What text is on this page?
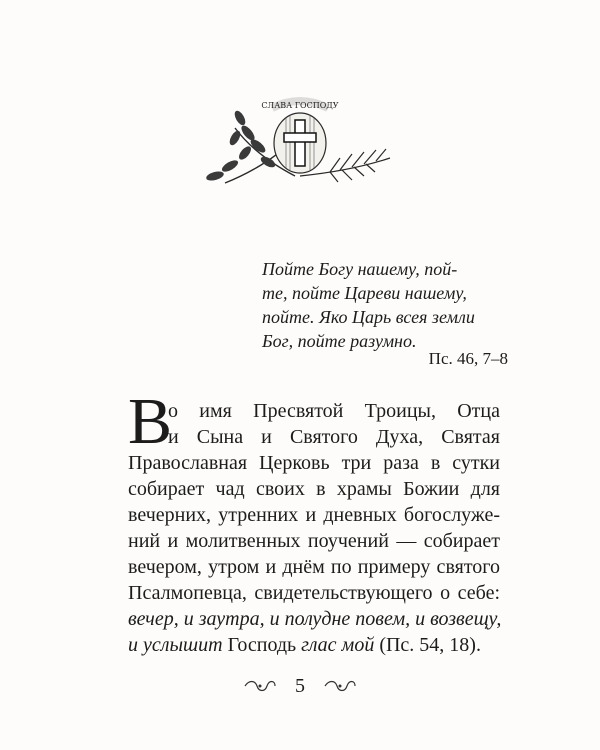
СЛАВА ГОСПОДУ
Пойте Богу нашему, пой-
те, пойте Цареви нашему,
пойте. Яко Царь всея земли
Бог, пойте разумно.
Пс. 46, 7–8
В
о имя Пресвятой Троицы, Отца
и Сына и Святого Духа, Святая
Православная Церковь три раза в сутки
собирает чад своих в храмы Божии для
вечерних, утренних и дневных богослуже-
ний и молитвенных поучений — собирает
вечером, утром и днём по примеру святого
Псалмопевца, свидетельствующего о себе:
вечер, и заутра, и полудне повем, и возвещу,
и услышит Господь глас мой (Пс. 54, 18).
5
